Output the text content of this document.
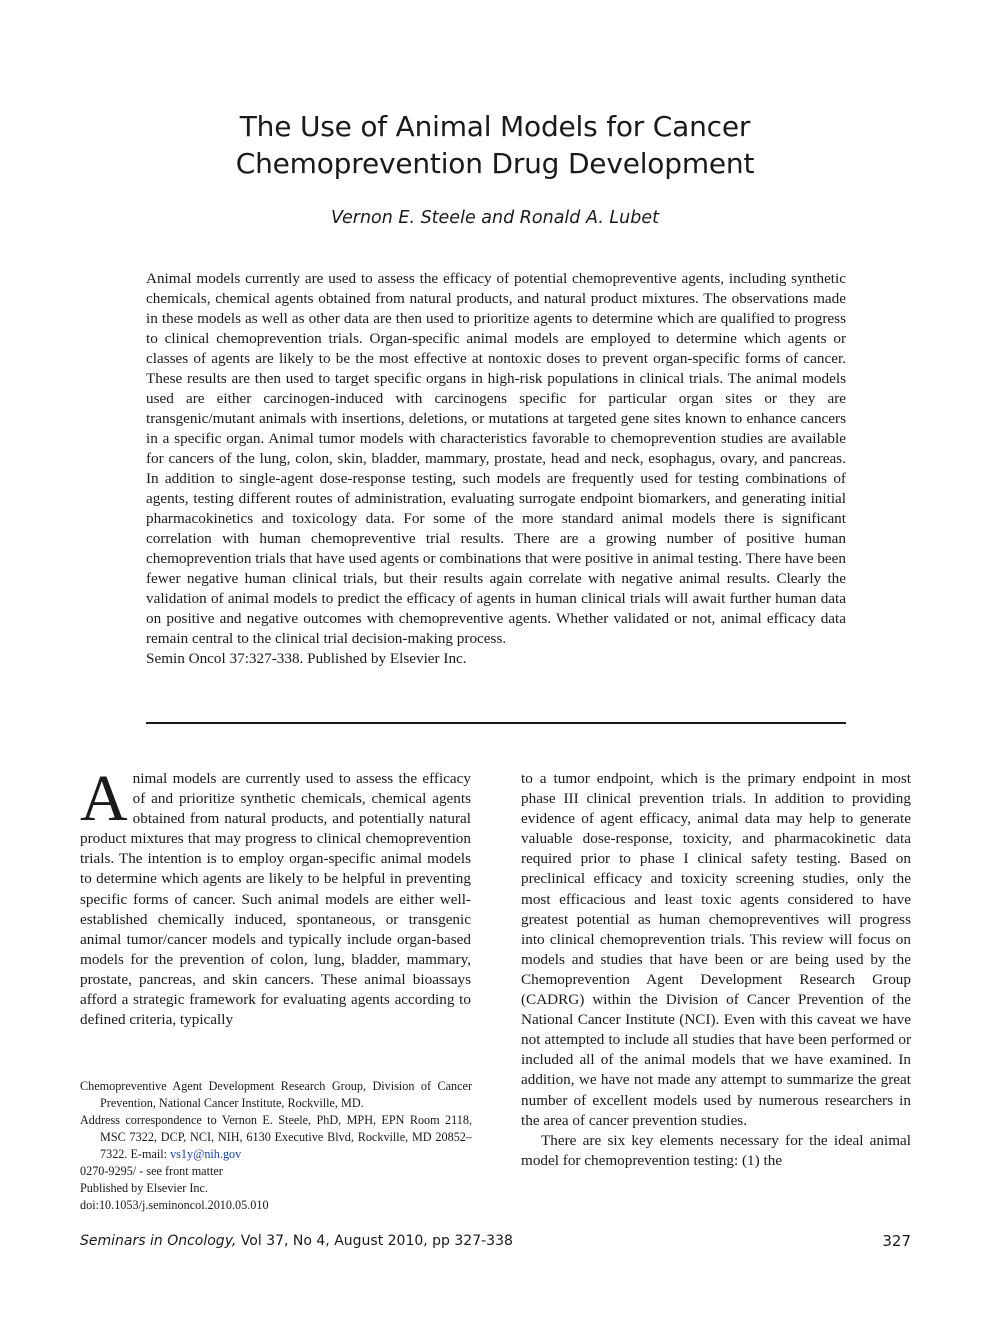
The Use of Animal Models for Cancer
Chemoprevention Drug Development
Vernon E. Steele and Ronald A. Lubet

Animal models currently are used to assess the efficacy of potential chemopreventive agents, including synthetic chemicals, chemical agents obtained from natural products, and natural product mixtures. The observations made in these models as well as other data are then used to prioritize agents to determine which are qualified to progress to clinical chemoprevention trials. Organ-specific animal models are employed to determine which agents or classes of agents are likely to be the most effective at nontoxic doses to prevent organ-specific forms of cancer. These results are then used to target specific organs in high-risk populations in clinical trials. The animal models used are either carcinogen-induced with carcinogens specific for particular organ sites or they are transgenic/mutant animals with insertions, deletions, or mutations at targeted gene sites known to enhance cancers in a specific organ. Animal tumor models with characteristics favorable to chemoprevention studies are available for cancers of the lung, colon, skin, bladder, mammary, prostate, head and neck, esophagus, ovary, and pancreas. In addition to single-agent dose-response testing, such models are frequently used for testing combinations of agents, testing different routes of administration, evaluating surrogate endpoint biomarkers, and generating initial pharmacokinetics and toxicology data. For some of the more standard animal models there is significant correlation with human chemopreventive trial results. There are a growing number of positive human chemoprevention trials that have used agents or combinations that were positive in animal testing. There have been fewer negative human clinical trials, but their results again correlate with negative animal results. Clearly the validation of animal models to predict the efficacy of agents in human clinical trials will await further human data on positive and negative outcomes with chemopreventive agents. Whether validated or not, animal efficacy data remain central to the clinical trial decision-making process.

Semin Oncol 37:327-338. Published by Elsevier Inc.

Animal models are currently used to assess the efficacy of and prioritize synthetic chemicals, chemical agents obtained from natural products, and potentially natural product mixtures that may progress to clinical chemoprevention trials. The intention is to employ organ-specific animal models to determine which agents are likely to be helpful in preventing specific forms of cancer. Such animal models are either well-established chemically induced, spontaneous, or transgenic animal tumor/cancer models and typically include organ-based models for the prevention of colon, lung, bladder, mammary, prostate, pancreas, and skin cancers. These animal bioassays afford a strategic framework for evaluating agents according to defined criteria, typically

to a tumor endpoint, which is the primary endpoint in most phase III clinical prevention trials. In addition to providing evidence of agent efficacy, animal data may help to generate valuable dose-response, toxicity, and pharmacokinetic data required prior to phase I clinical safety testing. Based on preclinical efficacy and toxicity screening studies, only the most efficacious and least toxic agents considered to have greatest potential as human chemopreventives will progress into clinical chemoprevention trials. This review will focus on models and studies that have been or are being used by the Chemoprevention Agent Development Research Group (CADRG) within the Division of Cancer Prevention of the National Cancer Institute (NCI). Even with this caveat we have not attempted to include all studies that have been performed or included all of the animal models that we have examined. In addition, we have not made any attempt to summarize the great number of excellent models used by numerous researchers in the area of cancer prevention studies.

There are six key elements necessary for the ideal animal model for chemoprevention testing: (1) the

Chemopreventive Agent Development Research Group, Division of Cancer Prevention, National Cancer Institute, Rockville, MD.

Address correspondence to Vernon E. Steele, PhD, MPH, EPN Room 2118, MSC 7322, DCP, NCI, NIH, 6130 Executive Blvd, Rockville, MD 20852–7322. E-mail: vs1y@nih.gov

0270-9295/ - see front matter

Published by Elsevier Inc.

doi:10.1053/j.seminoncol.2010.05.010

Seminars in Oncology, Vol 37, No 4, August 2010, pp 327-338	327
